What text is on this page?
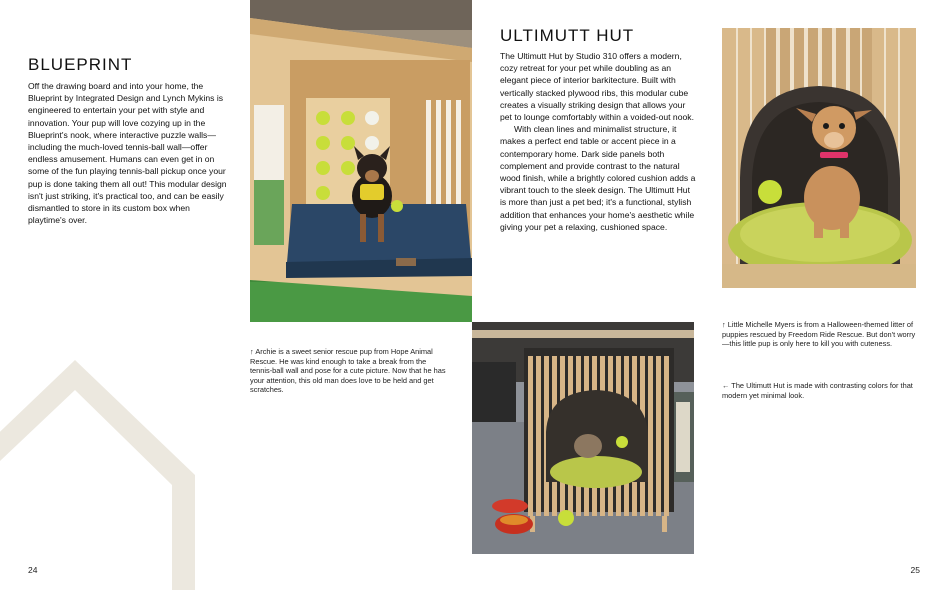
BLUEPRINT

Off the drawing board and into your home, the Blueprint by Integrated Design and Lynch Mykins is engineered to entertain your pet with style and innovation. Your pup will love cozying up in the Blueprint's nook, where interactive puzzle walls—including the much-loved tennis-ball wall—offer endless amusement. Humans can even get in on some of the fun playing tennis-ball pickup once your pup is done taking them all out! This modular design isn't just striking, it's practical too, and can be easily dismantled to store in its custom box when playtime's over.

↑ Archie is a sweet senior rescue pup from Hope Animal Rescue. He was kind enough to take a break from the tennis-ball wall and pose for a cute picture. Now that he has your attention, this old man does love to be held and get scratches.
24
ULTIMUTT HUT

The Ultimutt Hut by Studio 310 offers a modern, cozy retreat for your pet while doubling as an elegant piece of interior barkitecture. Built with vertically stacked plywood ribs, this modular cube creates a visually striking design that allows your pet to lounge comfortably within a voided-out nook.

With clean lines and minimalist structure, it makes a perfect end table or accent piece in a contemporary home. Dark side panels both complement and provide contrast to the natural wood finish, while a brightly colored cushion adds a vibrant touch to the sleek design. The Ultimutt Hut is more than just a pet bed; it's a functional, stylish addition that enhances your home's aesthetic while giving your pet a relaxing, cushioned space.

↑ Little Michelle Myers is from a Halloween-themed litter of puppies rescued by Freedom Ride Rescue. But don't worry—this little pup is only here to kill you with cuteness.
← The Ultimutt Hut is made with contrasting colors for that modern yet minimal look.
25
